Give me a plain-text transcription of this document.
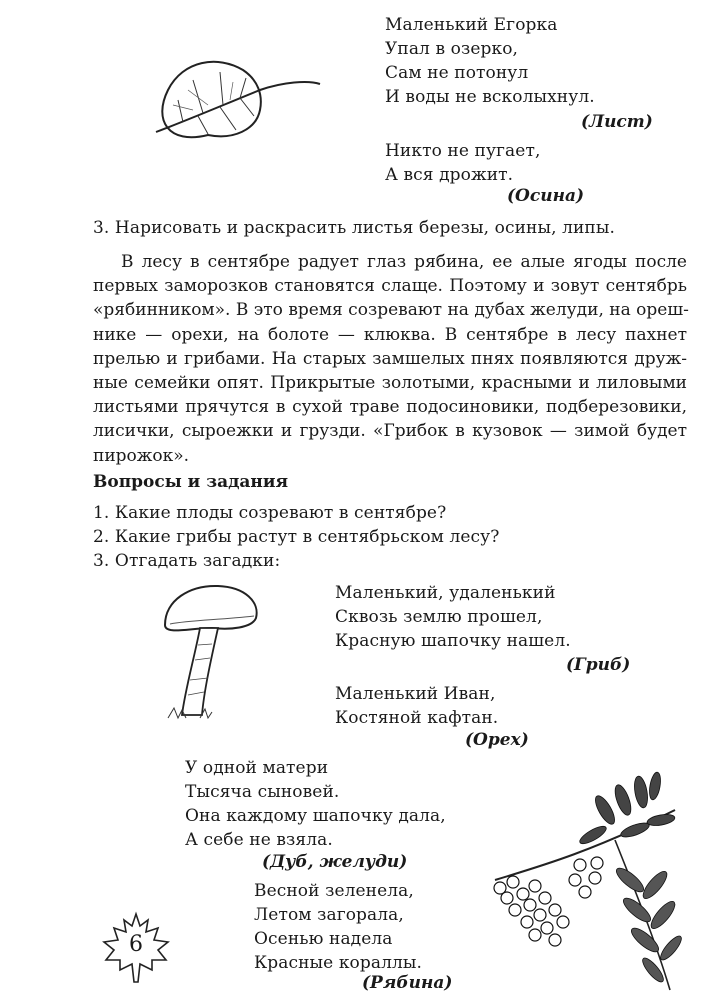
Маленький Егорка
Упал в озерко,
Сам не потонул
И воды не всколыхнул.
(Лист)
Никто не пугает,
А вся дрожит.
(Осина)
3. Нарисовать и раскрасить листья березы, осины, липы.
В лесу в сентябре радует глаз рябина, ее алые ягоды после
первых заморозков становятся слаще. Поэтому и зовут сентябрь
«рябинником». В это время созревают на дубах желуди, на ореш-
нике — орехи, на болоте — клюква. В сентябре в лесу пахнет
прелью и грибами. На старых замшелых пнях появляются друж-
ные семейки опят. Прикрытые золотыми, красными и лиловыми
листьями прячутся в сухой траве подосиновики, подберезовики,
лисички, сыроежки и грузди. «Грибок в кузовок — зимой будет
пирожок».
Вопросы и задания
1. Какие плоды созревают в сентябре?
2. Какие грибы растут в сентябрьском лесу?
3. Отгадать загадки:
Маленький, удаленький
Сквозь землю прошел,
Красную шапочку нашел.
(Гриб)
Маленький Иван,
Костяной кафтан.
(Орех)
У одной матери
Тысяча сыновей.
Она каждому шапочку дала,
А себе не взяла.
(Дуб, желуди)
Весной зеленела,
Летом загорала,
Осенью надела
Красные кораллы.
(Рябина)
6
